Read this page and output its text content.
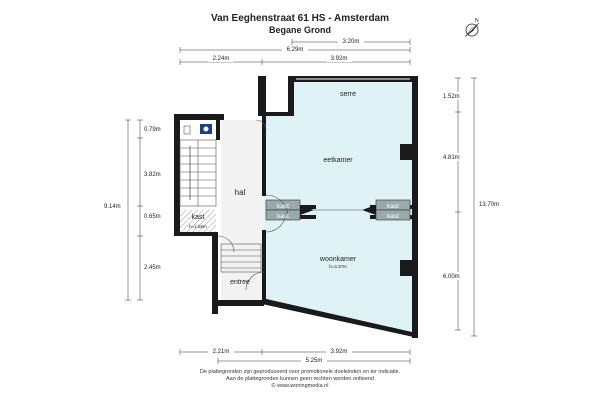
Van Eeghenstraat 61 HS - Amsterdam
Begane Grond
N
serre
eetkamer
hal
kast
h=1.56m
kast
kast
kast
kast
woonkamer
h=3.37m
entree
3.20m
6.29m
2.24m	3.92m
2.21m	3.92m
5.25m
0.79m
3.82m
9.14m
0.65m
2.45m
1.52m
4.81m
13.70m
6.00m
De plattegronden zijn geproduceerd voor promotionele doeleinden en ter indicatie.
Aan de plattegronden kunnen geen rechten worden ontleend
© www.woningmedia.nl
